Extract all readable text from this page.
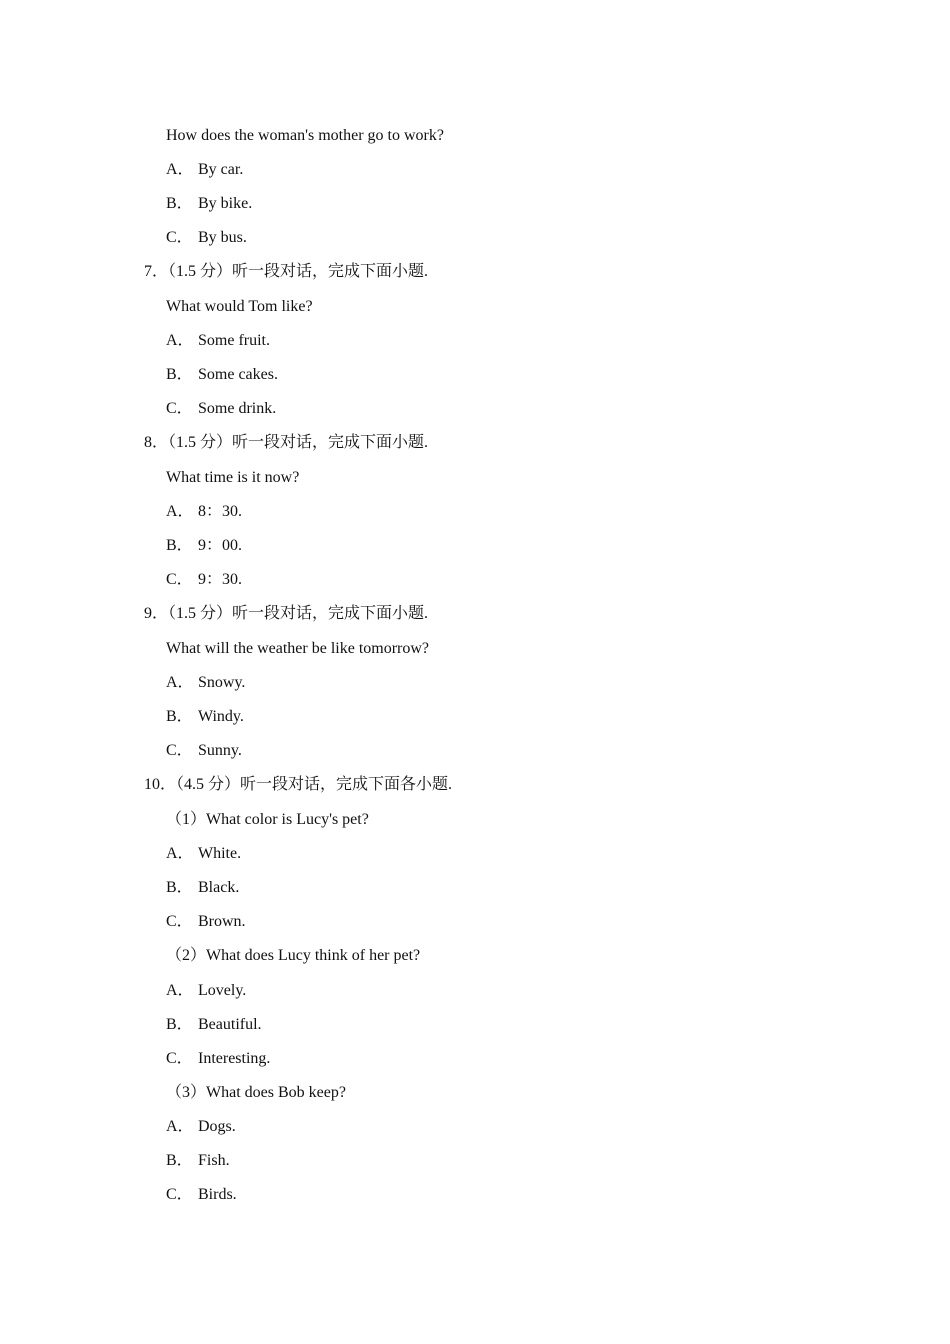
How does the woman's mother go to work?
A． By car.
B． By bike.
C． By bus.
7．（1.5 分）听一段对话，完成下面小题.
What would Tom like?
A． Some fruit.
B． Some cakes.
C． Some drink.
8．（1.5 分）听一段对话，完成下面小题.
What time is it now?
A． 8：30.
B． 9：00.
C． 9：30.
9．（1.5 分）听一段对话，完成下面小题.
What will the weather be like tomorrow?
A． Snowy.
B． Windy.
C． Sunny.
10．（4.5 分）听一段对话，完成下面各小题.
（1）What color is Lucy's pet?
A． White.
B． Black.
C． Brown.
（2）What does Lucy think of her pet?
A． Lovely.
B． Beautiful.
C． Interesting.
（3）What does Bob keep?
A． Dogs.
B． Fish.
C． Birds.
